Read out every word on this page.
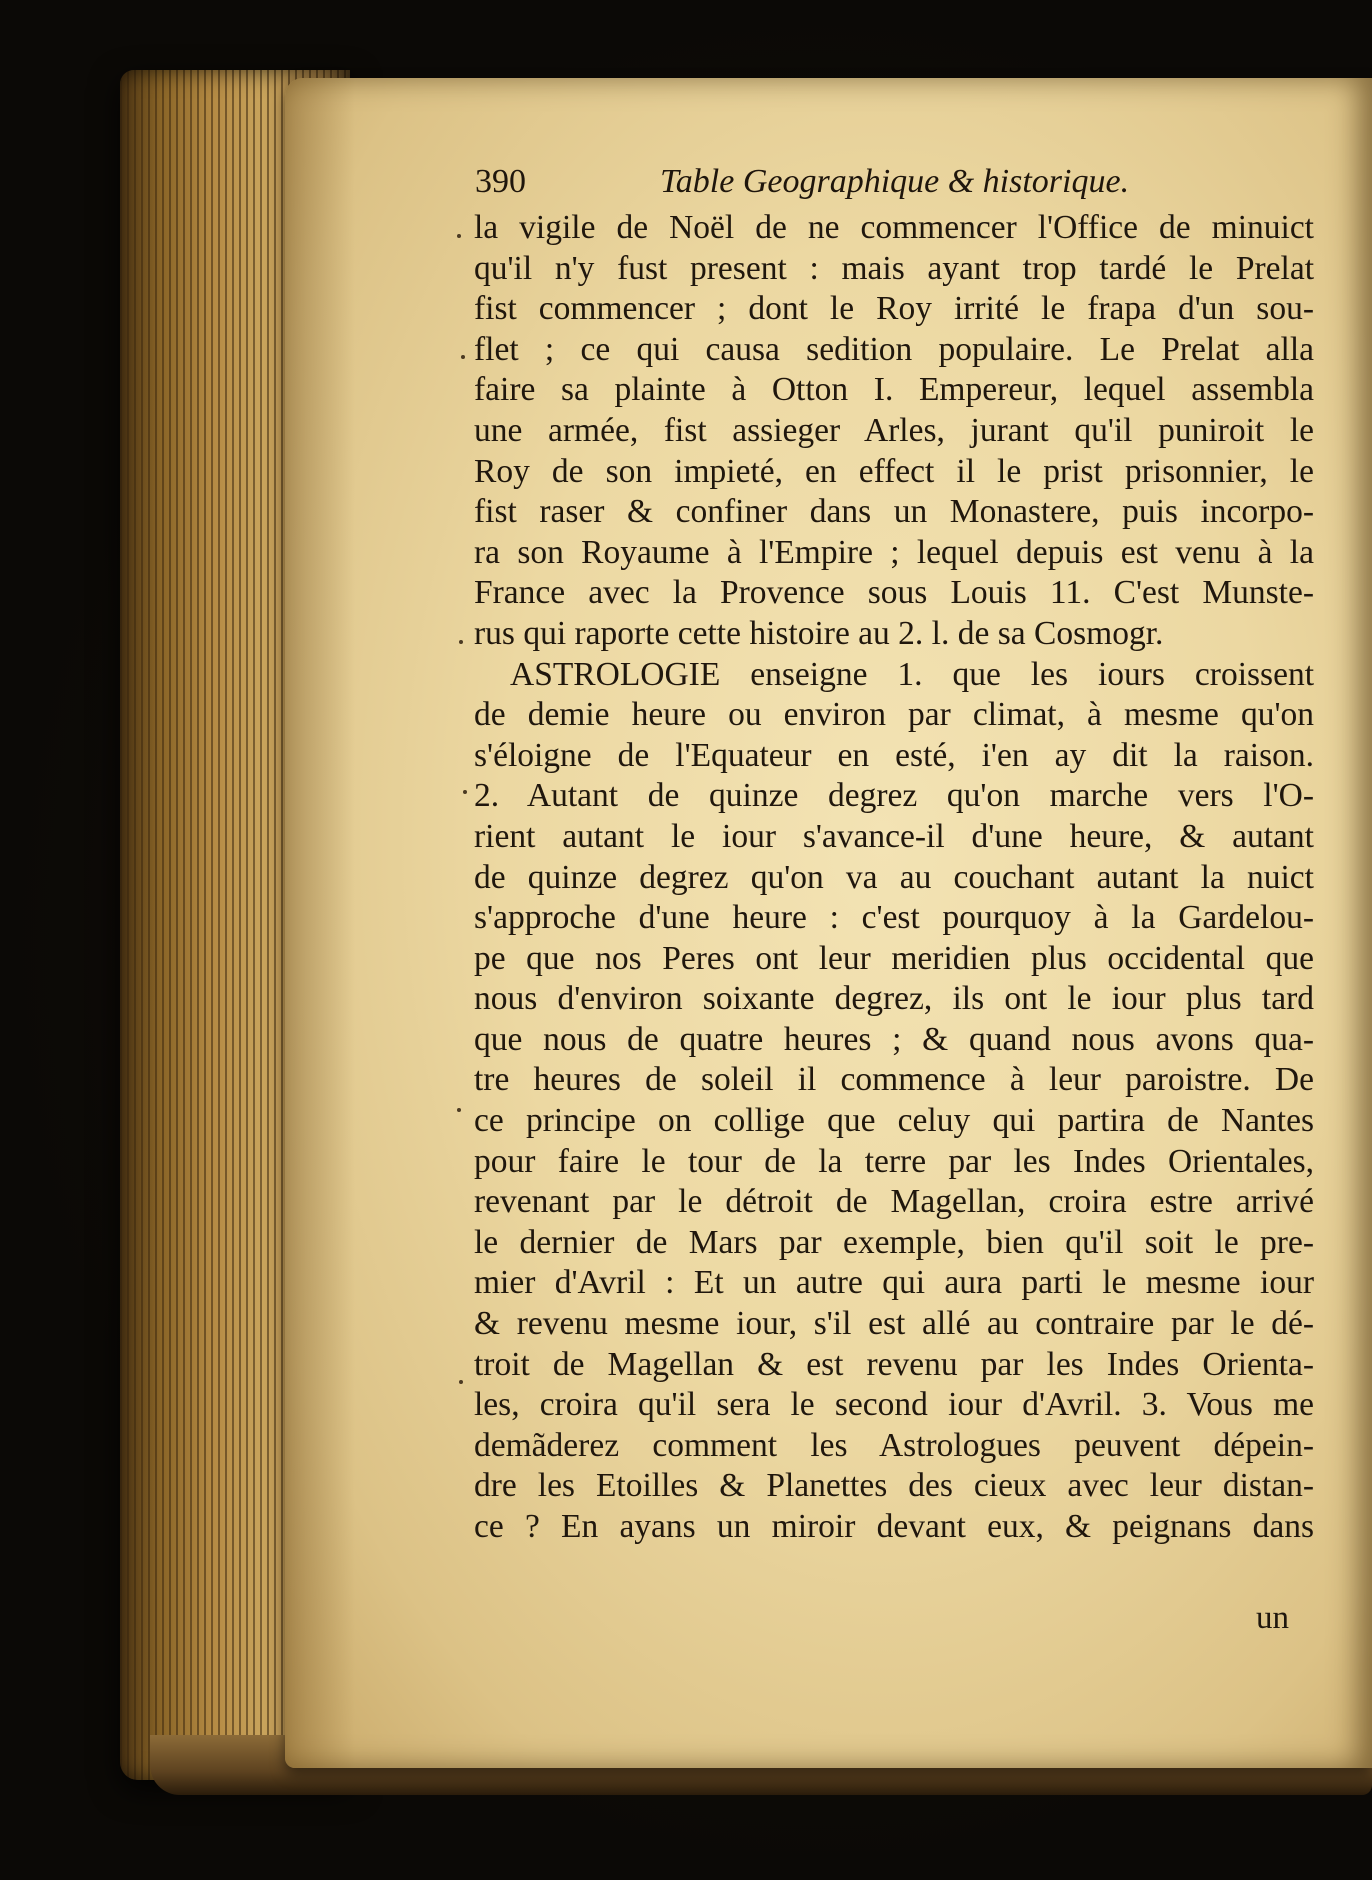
390	Table Geographique & historique.
la vigile de Noël de ne commencer l'Office de minuict
qu'il n'y fust present : mais ayant trop tardé le Prelat
fist commencer ; dont le Roy irrité le frapa d'un sou-
flet ; ce qui causa sedition populaire. Le Prelat alla
faire sa plainte à Otton I. Empereur, lequel assembla
une armée, fist assieger Arles, jurant qu'il puniroit le
Roy de son impieté, en effect il le prist prisonnier, le
fist raser & confiner dans un Monastere, puis incorpo-
ra son Royaume à l'Empire ; lequel depuis est venu à la
France avec la Provence sous Louis 11. C'est Munste-
rus qui raporte cette histoire au 2. l. de sa Cosmogr.
ASTROLOGIE enseigne 1. que les iours croissent
de demie heure ou environ par climat, à mesme qu'on
s'éloigne de l'Equateur en esté, i'en ay dit la raison.
2. Autant de quinze degrez qu'on marche vers l'O-
rient autant le iour s'avance-il d'une heure, & autant
de quinze degrez qu'on va au couchant autant la nuict
s'approche d'une heure : c'est pourquoy à la Gardelou-
pe que nos Peres ont leur meridien plus occidental que
nous d'environ soixante degrez, ils ont le iour plus tard
que nous de quatre heures ; & quand nous avons qua-
tre heures de soleil il commence à leur paroistre. De
ce principe on collige que celuy qui partira de Nantes
pour faire le tour de la terre par les Indes Orientales,
revenant par le détroit de Magellan, croira estre arrivé
le dernier de Mars par exemple, bien qu'il soit le pre-
mier d'Avril : Et un autre qui aura parti le mesme iour
& revenu mesme iour, s'il est allé au contraire par le dé-
troit de Magellan & est revenu par les Indes Orienta-
les, croira qu'il sera le second iour d'Avril. 3. Vous me
demãderez comment les Astrologues peuvent dépein-
dre les Etoilles & Planettes des cieux avec leur distan-
ce ? En ayans un miroir devant eux, & peignans dans
un
